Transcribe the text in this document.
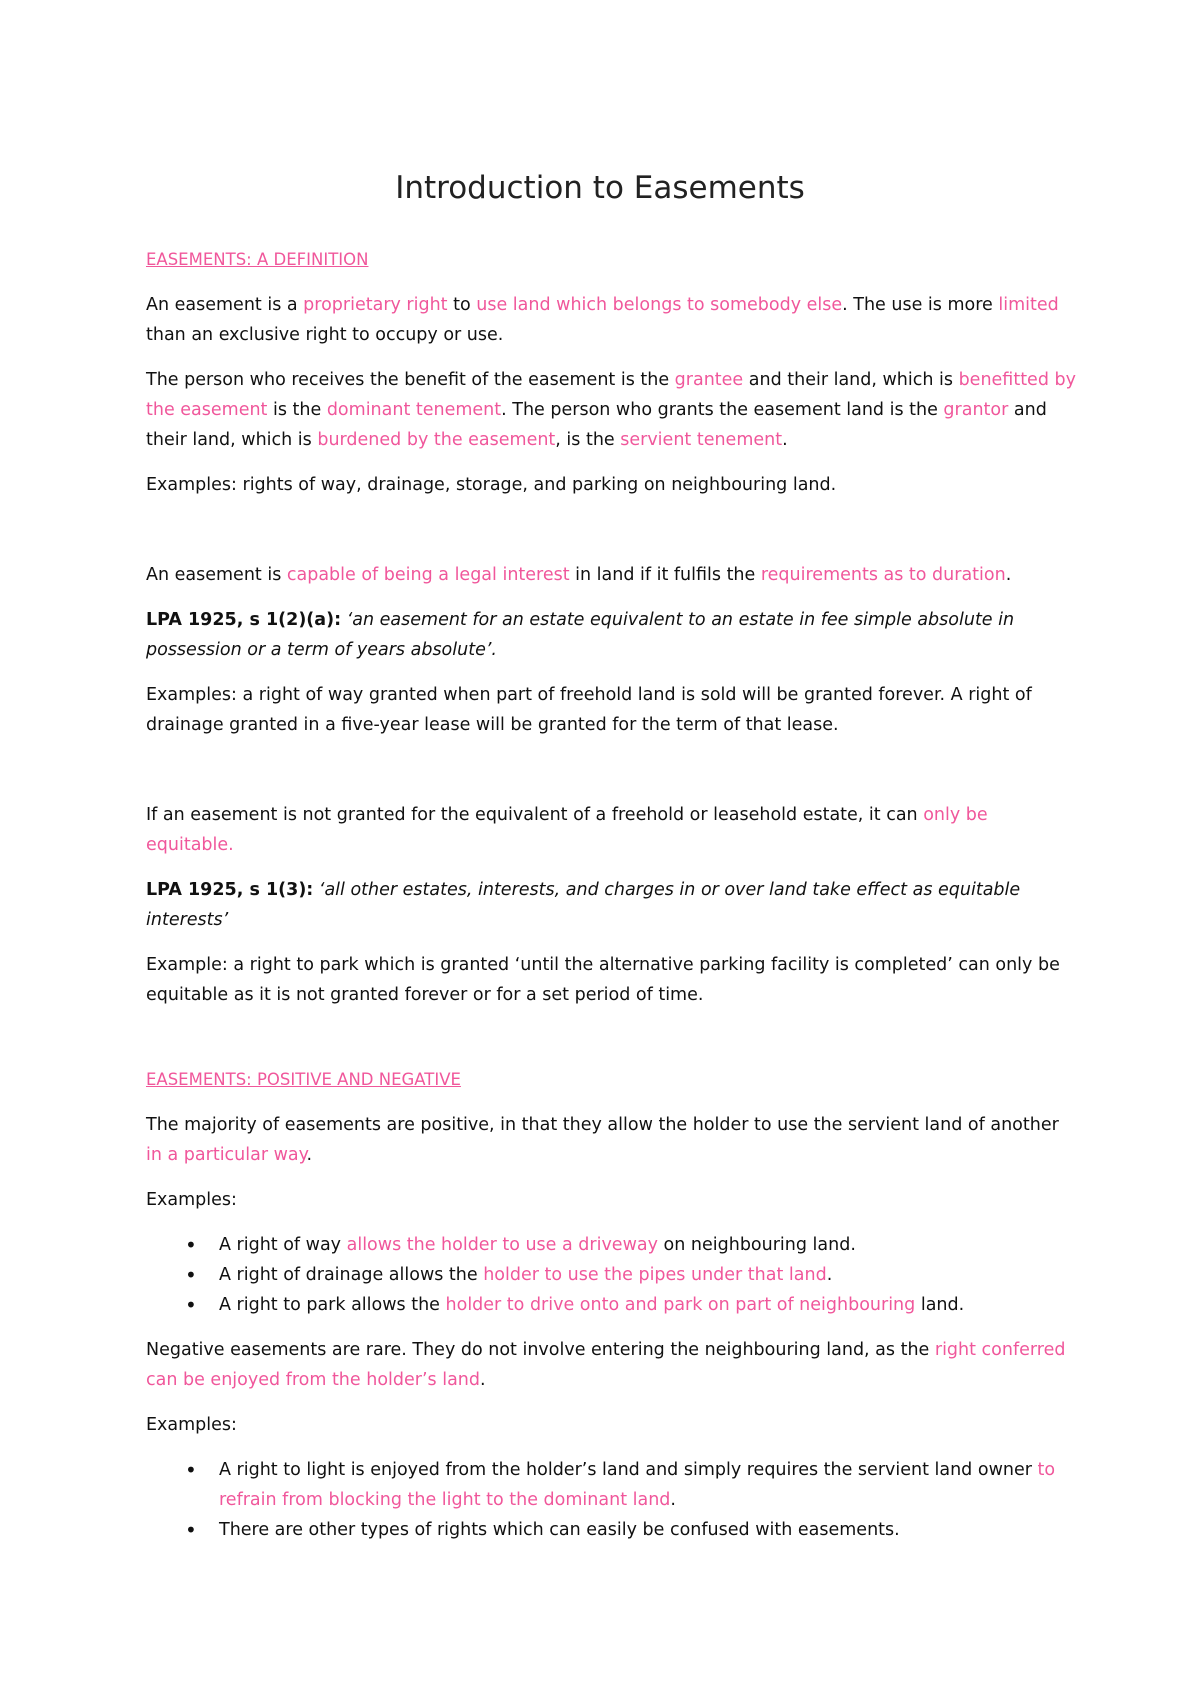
Introduction to Easements

EASEMENTS: A DEFINITION

An easement is a proprietary right to use land which belongs to somebody else. The use is more limited than an exclusive right to occupy or use.

The person who receives the benefit of the easement is the grantee and their land, which is benefitted by the easement is the dominant tenement. The person who grants the easement land is the grantor and their land, which is burdened by the easement, is the servient tenement.

Examples: rights of way, drainage, storage, and parking on neighbouring land.

An easement is capable of being a legal interest in land if it fulfils the requirements as to duration.

LPA 1925, s 1(2)(a): ‘an easement for an estate equivalent to an estate in fee simple absolute in possession or a term of years absolute’.

Examples: a right of way granted when part of freehold land is sold will be granted forever. A right of drainage granted in a five-year lease will be granted for the term of that lease.

If an easement is not granted for the equivalent of a freehold or leasehold estate, it can only be equitable.

LPA 1925, s 1(3): ‘all other estates, interests, and charges in or over land take effect as equitable interests’

Example: a right to park which is granted ‘until the alternative parking facility is completed’ can only be equitable as it is not granted forever or for a set period of time.

EASEMENTS: POSITIVE AND NEGATIVE

The majority of easements are positive, in that they allow the holder to use the servient land of another in a particular way.

Examples:

• A right of way allows the holder to use a driveway on neighbouring land.
• A right of drainage allows the holder to use the pipes under that land.
• A right to park allows the holder to drive onto and park on part of neighbouring land.

Negative easements are rare. They do not involve entering the neighbouring land, as the right conferred can be enjoyed from the holder’s land.

Examples:

• A right to light is enjoyed from the holder’s land and simply requires the servient land owner to refrain from blocking the light to the dominant land.
• There are other types of rights which can easily be confused with easements.
